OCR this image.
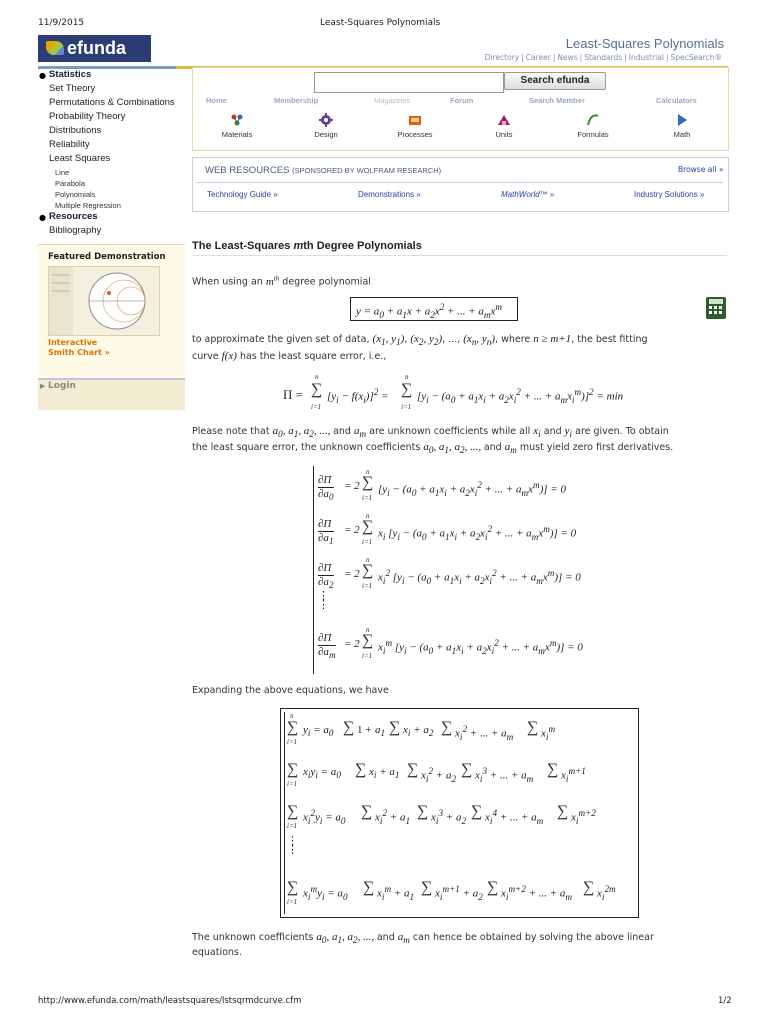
11/9/2015	Least-Squares Polynomials
efunda	Least-Squares Polynomials
Directory | Career | News | Standards | Industrial | SpecSearch®
● Statistics
Set Theory
Permutations & Combinations
Probability Theory
Distributions
Reliability
Least Squares
Line
Parabola
Polynomials
Multiple Regression
● Resources
Bibliography
Featured Demonstration
Interactive
Smith Chart »
▶ Login
Search efunda
Home	Membership	Magazines	Forum	Search Member	Calculators
Materials	Design	Processes	Units	Formulas	Math
WEB RESOURCES (SPONSORED BY WOLFRAM RESEARCH)	Browse all »
Technology Guide »	Demonstrations »	MathWorld™ »	Industry Solutions »
The Least-Squares mth Degree Polynomials
When using an $m^{th}$ degree polynomial
$y = a_0 + a_1x + a_2x^2$ + ... + $a_mx^m$
to approximate the given set of data, ($x_1$, $y_1$), ($x_2$, $y_2$), ..., ($x_n$, $y_n$), where n ≥ m+1, the best fitting
curve f(x) has the least square error, i.e.,
Π = ∑
n
i=1
$[y_i - f(x_i)]^2$ = ∑
n
i=1
[$y_i - (a_0 + a_1x_i + a_2x_i^2$ + ... + $a_mx_i^m)]^2 = \min$
Please note that $a_0$, $a_1$, $a_2$, ..., and $a_m$ are unknown coefficients while all $x_i$ and $y_i$ are given. To obtain
the least square error, the unknown coefficients $a_0$, $a_1$, $a_2$, ..., and $a_m$ must yield zero first derivatives.
∂Π
$\partial a_0$
= 2 ∑
n
i=1
[$y_i - (a_0 + a_1x_i + a_2x_i^2$ + ... + $a_mx^m)] = 0$
∂Π
$\partial a_1$
= 2 ∑
n
i=1
$x_i$ [$y_i - (a_0 + a_1x_i + a_2x_i^2$ + ... + $a_mx^m)] = 0$
∂Π
$\partial a_2$
= 2 ∑
n
i=1
$x_i^2$ [$y_i - (a_0 + a_1x_i + a_2x_i^2$ + ... + $a_mx^m)] = 0$
⋮
⋮
∂Π
$\partial a_m$
= 2 ∑
n
i=1
$x_i^m$ [$y_i - (a_0 + a_1x_i + a_2x_i^2$ + ... + $a_mx^m)] = 0$
Expanding the above equations, we have
∑
n
i=1
$y_i = a_0$ ∑ $1 + a_1$ ∑ $x_i + a_2$ ∑ $x_i^2$ + ... + $a_m$
∑ $x_i^m$
∑
i=1
$x_iy_i = a_0$ ∑ $x_i + a_1$ ∑ $x_i^2 + a_2$
∑ $x_i^3$ + ... + $a_m$
∑ $x_i^{m+1}$
∑
i=1
$x_i^2y_i = a_0$
∑ $x_i^2 + a_1$
∑ $x_i^3 + a_2$
∑ $x_i^4$ + ... + $a_m$
∑ $x_i^{m+2}$
⋮
⋮
∑
i=1
$x_i^my_i = a_0$
∑ $x_i^m + a_1$
∑ $x_i^{m+1} + a_2$
∑ $x_i^{m+2}$ + ... + $a_m$
∑ $x_i^{2m}$
The unknown coefficients $a_0$, $a_1$, $a_2$, ..., and $a_m$ can hence be obtained by solving the above linear
equations.
http://www.efunda.com/math/leastsquares/lstsqrmdcurve.cfm	1/2
